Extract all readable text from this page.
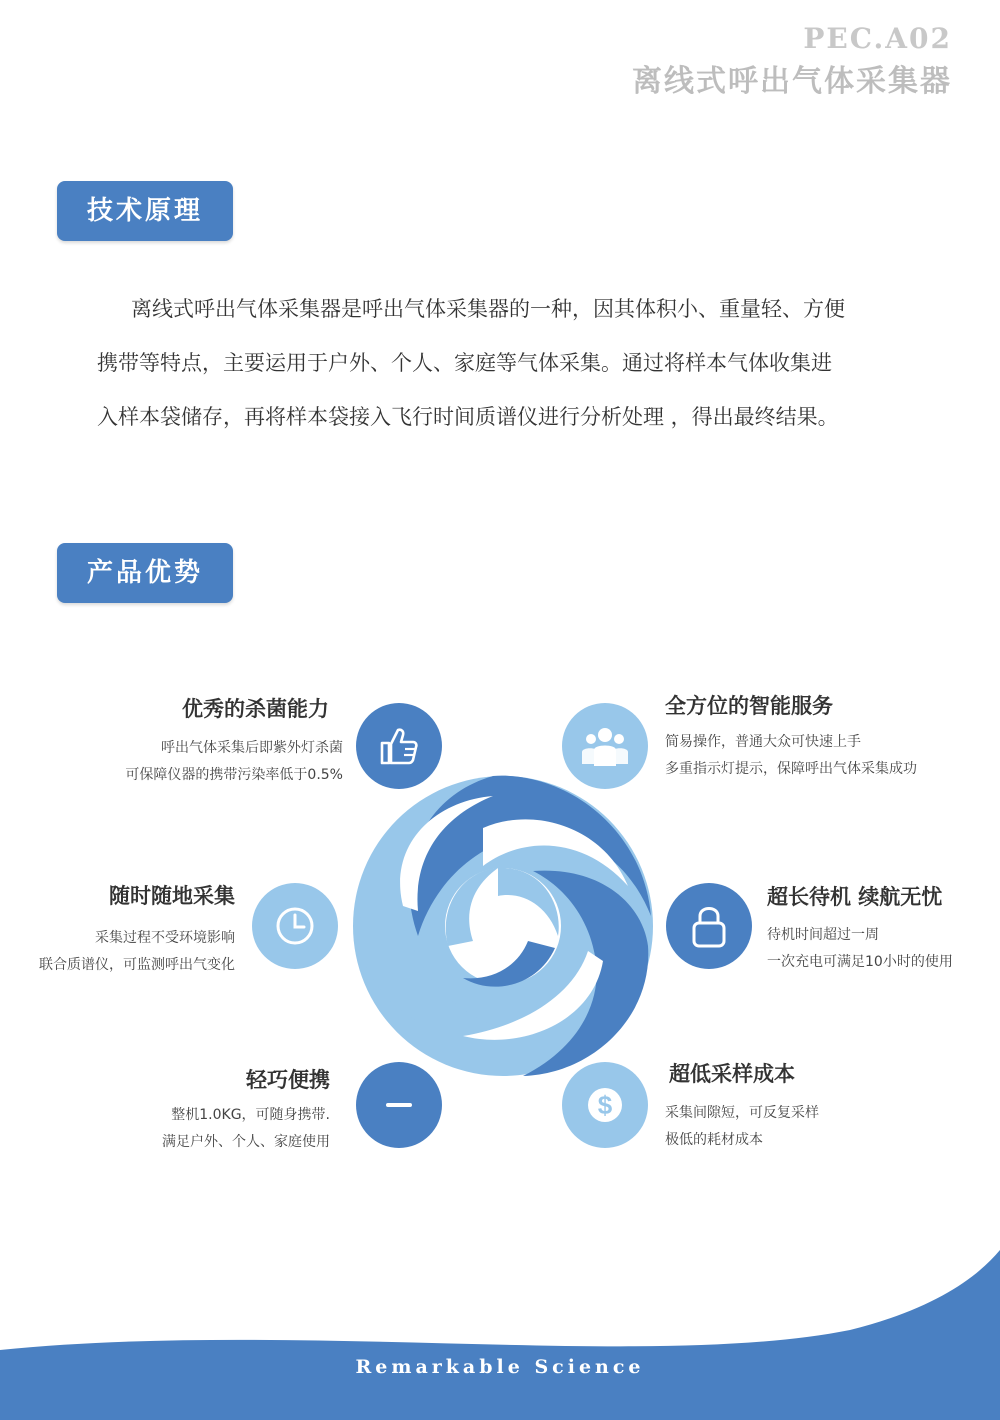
PEC.A02
离线式呼出气体采集器
技术原理
离线式呼出气体采集器是呼出气体采集器的一种，因其体积小、重量轻、方便
携带等特点，主要运用于户外、个人、家庭等气体采集。通过将样本气体收集进
入样本袋储存，再将样本袋接入飞行时间质谱仪进行分析处理 ，得出最终结果。
产品优势
优秀的杀菌能力
呼出气体采集后即紫外灯杀菌
可保障仪器的携带污染率低于0.5%
全方位的智能服务
简易操作，普通大众可快速上手
多重指示灯提示，保障呼出气体采集成功
随时随地采集
采集过程不受环境影响
联合质谱仪，可监测呼出气变化
超长待机 续航无忧
待机时间超过一周
一次充电可满足10小时的使用
轻巧便携
整机1.0KG，可随身携带.
满足户外、个人、家庭使用
$
超低采样成本
采集间隙短，可反复采样
极低的耗材成本
Remarkable Science
